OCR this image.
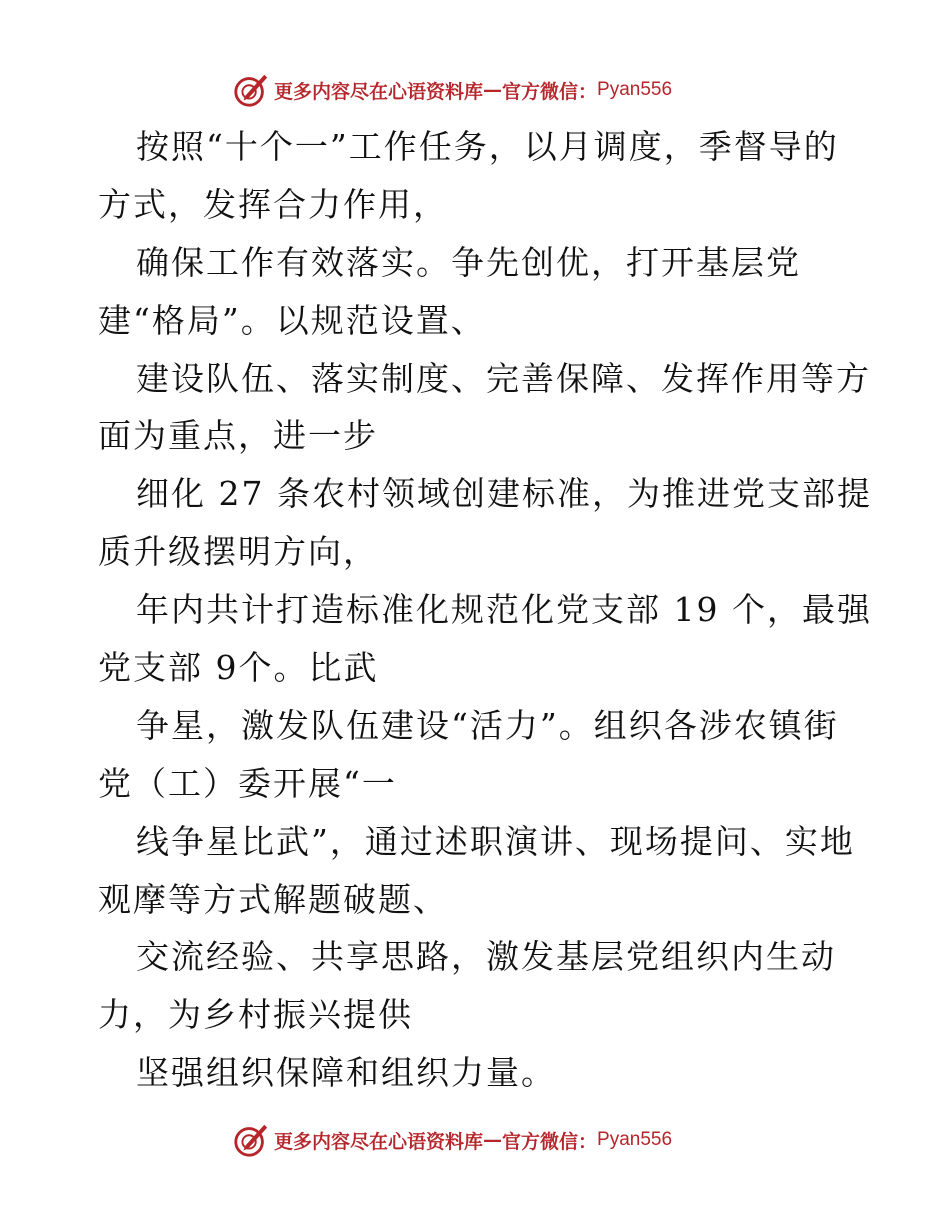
更多内容尽在心语资料库 — 官方微信： Pyan556
按照“十个一”工作任务，以月调度，季督导的
方式，发挥合力作用，
确保工作有效落实。争先创优，打开基层党
建“格局”。以规范设置、
建设队伍、落实制度、完善保障、发挥作用等方
面为重点，进一步
细化 27 条农村领域创建标准，为推进党支部提
质升级摆明方向，
年内共计打造标准化规范化党支部 19 个，最强
党支部 9个。比武
争星，激发队伍建设“活力”。组织各涉农镇街
党（工）委开展“一
线争星比武”，通过述职演讲、现场提问、实地
观摩等方式解题破题、
交流经验、共享思路，激发基层党组织内生动
力，为乡村振兴提供
坚强组织保障和组织力量。
更多内容尽在心语资料库 — 官方微信： Pyan556
